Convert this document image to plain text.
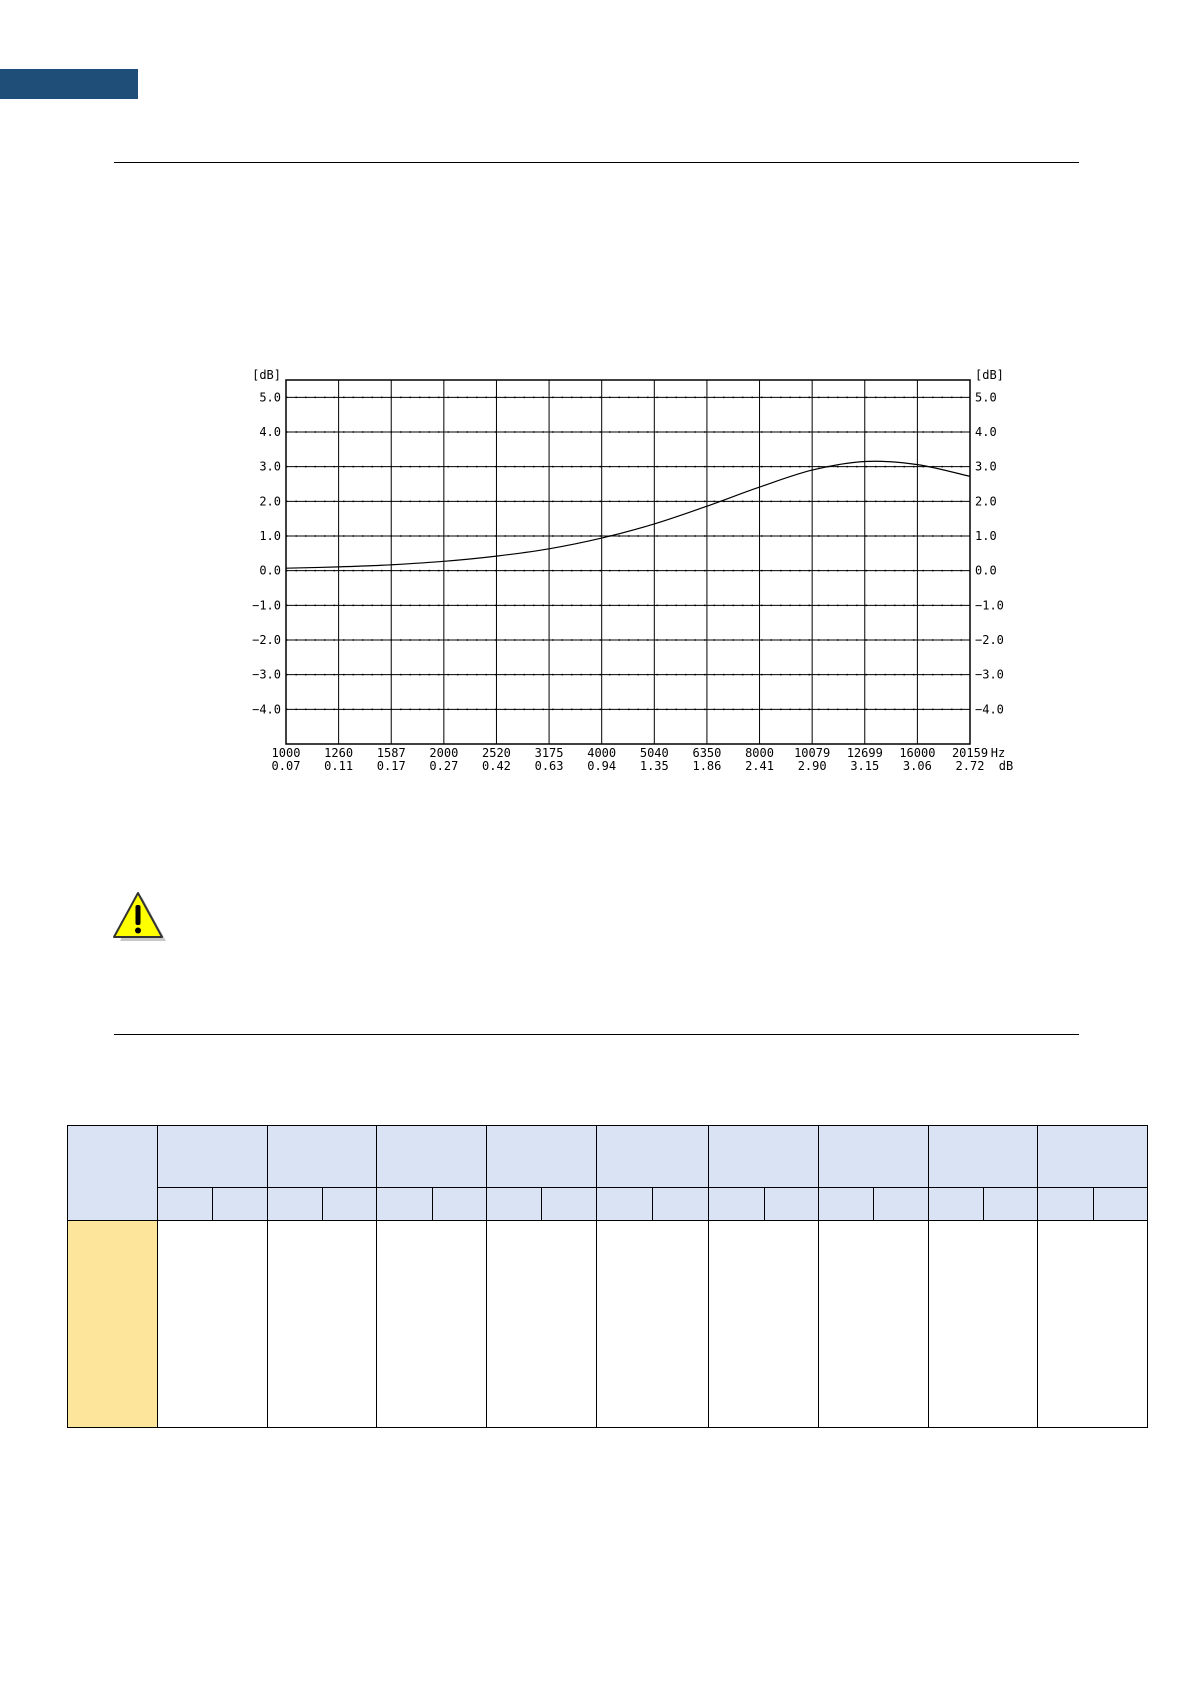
5.0	5.0
4.0	4.0
3.0	3.0
2.0	2.0
1.0	1.0
0.0	0.0
−1.0	−1.0
−2.0	−2.0
−3.0	−3.0
−4.0	−4.0
[dB]	[dB]
1000
0.07
1260
0.11
1587
0.17
2000
0.27
2520
0.42
3175
0.63
4000
0.94
5040
1.35
6350
1.86
8000
2.41
10079
2.90
12699
3.15
16000
3.06
20159
2.72
Hz
dB
